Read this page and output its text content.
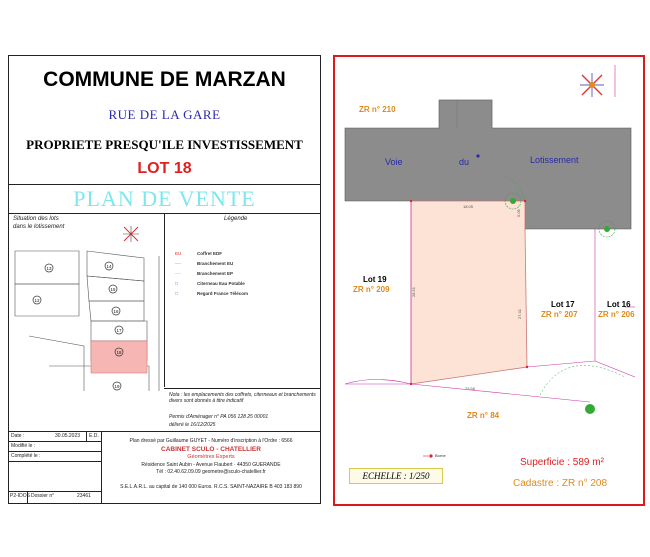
COMMUNE DE MARZAN
RUE DE LA GARE
PROPRIETE PRESQU'ILE INVESTISSEMENT
LOT 18
PLAN DE VENTE
Situation des lots
dans le lotissement
13	14
12
15
16
17
18
19
Légende
EU	Coffret EDF
----	Branchement EU
----	Branchement EP
□	Citerneau Eau Potable
□	Regard France Télécom
Nota : les emplacements des coffrets, citerneaux et branchements divers sont donnés à titre indicatif
Permis d'Aménager n° PA 056 128 25 00001
délivré le 16/12/2025
Date :	30.05.2023 E.D.
Modifié le :
Complété le :
P2-IDOS Dossier n°	23461
Plan dressé par Guillaume GUYET - Numéro d'inscription à l'Ordre : 6566
CABINET SCULO - CHATELLIER
Géomètres Experts
Résidence Saint Aubin - Avenue Flaubert · 44350 GUERANDE
Tél : 02.40.62.09.09 geometre@sculo-chatellier.fr
S.E.L.A.R.L. au capital de 140 000 Euros. R.C.S. SAINT-NAZAIRE B 403 183 890
18.05
28.51
27.41
73.58
5.05
ZR n° 210
Voie	du	Lotissement
Lot 19
ZR n° 209
Lot 17
ZR n° 207
Lot 16
ZR n° 206
ZR n° 84
Borne
ECHELLE : 1/250
Superficie : 589 m²
Cadastre : ZR n° 208
